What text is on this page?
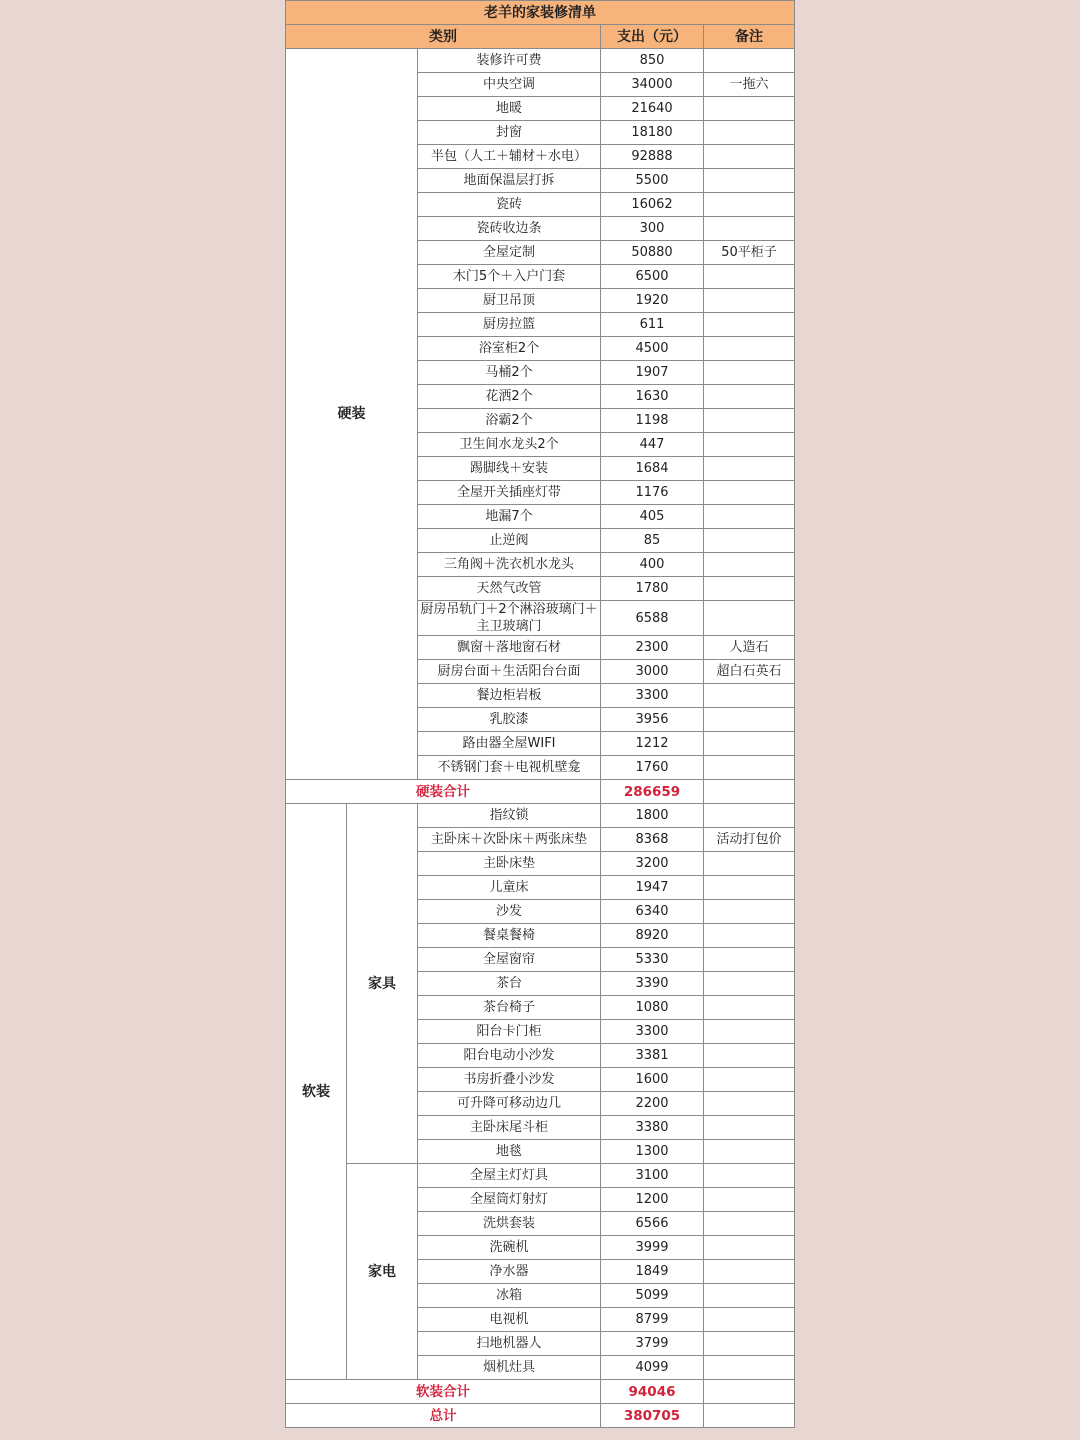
老羊的家装修清单				
类别			支出（元）	备注
硬装		装修许可费	850	
		中央空调	34000	一拖六
		地暖	21640	
		封窗	18180	
		半包（人工＋辅材＋水电）	92888	
		地面保温层打拆	5500	
		瓷砖	16062	
		瓷砖收边条	300	
		全屋定制	50880	50平柜子
		木门5个＋入户门套	6500	
		厨卫吊顶	1920	
		厨房拉篮	611	
		浴室柜2个	4500	
		马桶2个	1907	
		花洒2个	1630	
		浴霸2个	1198	
		卫生间水龙头2个	447	
		踢脚线＋安装	1684	
		全屋开关插座灯带	1176	
		地漏7个	405	
		止逆阀	85	
		三角阀＋洗衣机水龙头	400	
		天然气改管	1780	
		厨房吊轨门＋2个淋浴玻璃门＋主卫玻璃门	6588	
		飘窗＋落地窗石材	2300	人造石
		厨房台面＋生活阳台台面	3000	超白石英石
		餐边柜岩板	3300	
		乳胶漆	3956	
		路由器全屋WIFI	1212	
		不锈钢门套＋电视机壁龛	1760	
硬装合计			286659	
软装	家具	指纹锁	1800	
		主卧床＋次卧床＋两张床垫	8368	活动打包价
		主卧床垫	3200	
		儿童床	1947	
		沙发	6340	
		餐桌餐椅	8920	
		全屋窗帘	5330	
		茶台	3390	
		茶台椅子	1080	
		阳台卡门柜	3300	
		阳台电动小沙发	3381	
		书房折叠小沙发	1600	
		可升降可移动边几	2200	
		主卧床尾斗柜	3380	
		地毯	1300	
	家电	全屋主灯灯具	3100	
		全屋筒灯射灯	1200	
		洗烘套装	6566	
		洗碗机	3999	
		净水器	1849	
		冰箱	5099	
		电视机	8799	
		扫地机器人	3799	
		烟机灶具	4099	
软装合计			94046	
总计			380705	
